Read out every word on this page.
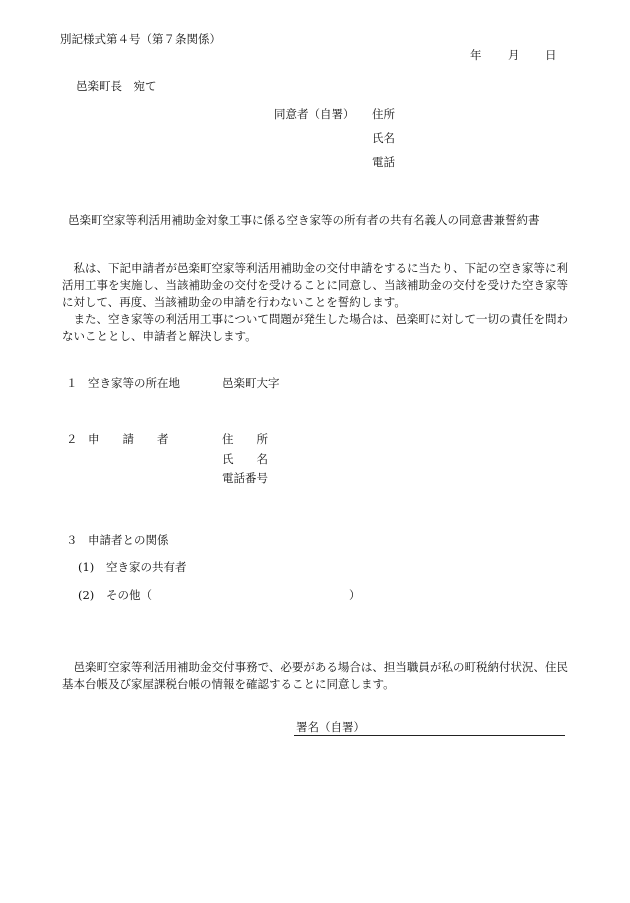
別記様式第４号（第７条関係）
年 月 日
邑楽町長　宛て
同意者（自署） 住所
氏名
電話
邑楽町空家等利活用補助金対象工事に係る空き家等の所有者の共有名義人の同意書兼誓約書

私は、下記申請者が邑楽町空家等利活用補助金の交付申請をするに当たり、下記の空き家等に利活用工事を実施し、当該補助金の交付を受けることに同意し、当該補助金の交付を受けた空き家等に対して、再度、当該補助金の申請を行わないことを誓約します。

また、空き家等の利活用工事について問題が発生した場合は、邑楽町に対して一切の責任を問わないこととし、申請者と解決します。

１ 空き家等の所在地	邑楽町大字
２ 申　　請　　者	住　　所
氏　　名
電話番号
３ 申請者との関係
(1) 空き家の共有者
(2) その他（	）

邑楽町空家等利活用補助金交付事務で、必要がある場合は、担当職員が私の町税納付状況、住民基本台帳及び家屋課税台帳の情報を確認することに同意します。

署名（自署）
